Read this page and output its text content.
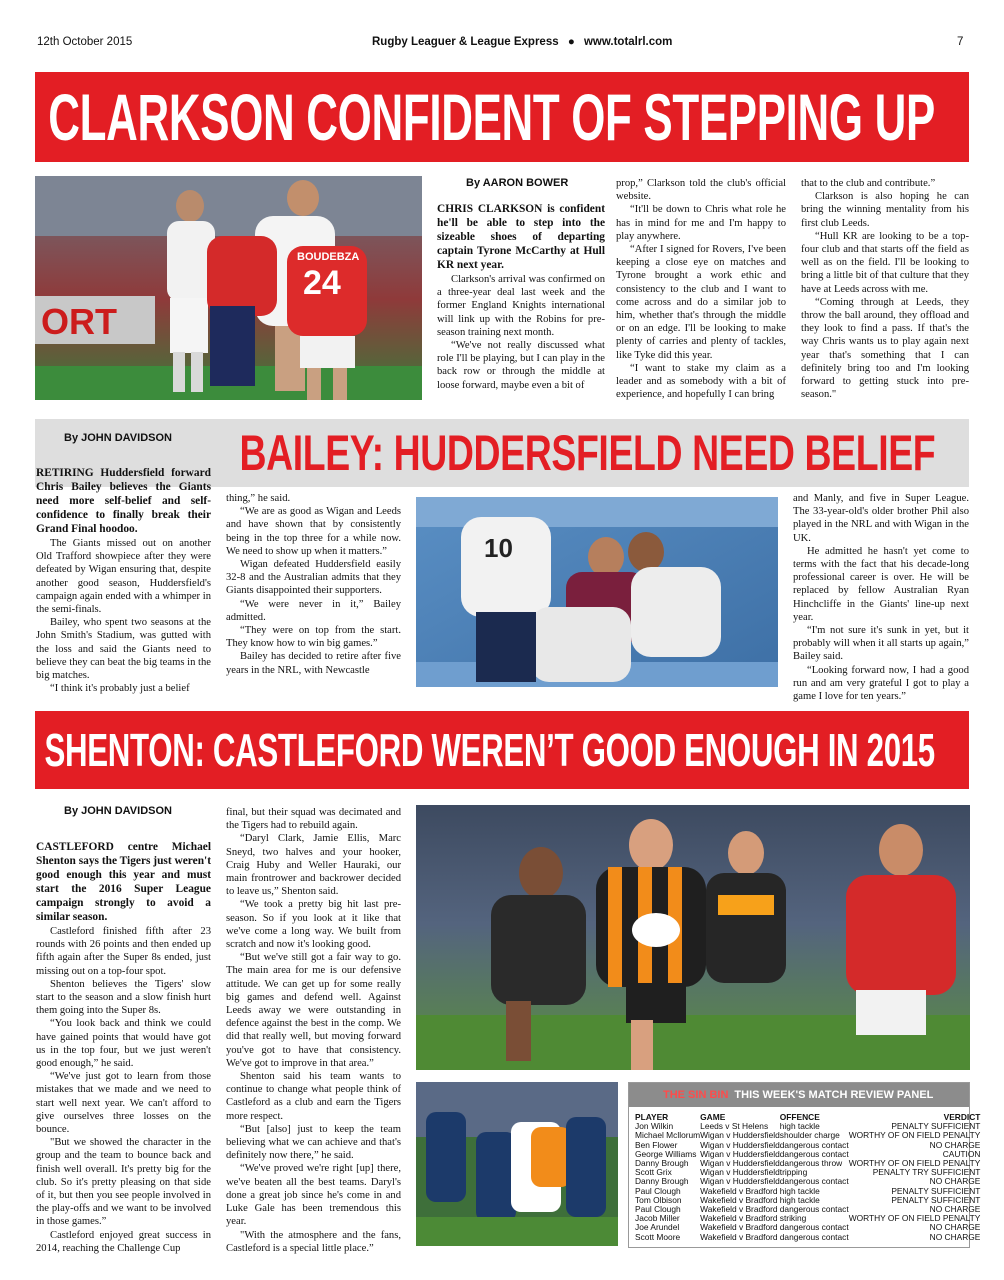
12th October 2015	Rugby Leaguer & League Express ● www.totalrl.com	7
CLARKSON CONFIDENT OF STEPPING UP
ORT
24
BOUDEBZA
By AARON BOWER

CHRIS CLARKSON is confident he'll be able to step into the sizeable shoes of departing captain Tyrone McCarthy at Hull KR next year.

Clarkson's arrival was confirmed on a three-year deal last week and the former England Knights international will link up with the Robins for pre-season training next month.

“We've not really discussed what role I'll be playing, but I can play in the back row or through the middle at loose forward, maybe even a bit of

prop,” Clarkson told the club's official website.

“It'll be down to Chris what role he has in mind for me and I'm happy to play anywhere.

“After I signed for Rovers, I've been keeping a close eye on matches and Tyrone brought a work ethic and consistency to the club and I want to come across and do a similar job to him, whether that's through the middle or on an edge. I'll be looking to make plenty of carries and plenty of tackles, like Tyke did this year.

“I want to stake my claim as a leader and as somebody with a bit of experience, and hopefully I can bring

that to the club and contribute.”

Clarkson is also hoping he can bring the winning mentality from his first club Leeds.

“Hull KR are looking to be a top-four club and that starts off the field as well as on the field. I'll be looking to bring a little bit of that culture that they have at Leeds across with me.

“Coming through at Leeds, they throw the ball around, they offload and they look to find a pass. If that's the way Chris wants us to play again next year that's something that I can definitely bring too and I'm looking forward to getting stuck into pre-season."

By JOHN DAVIDSON BAILEY: HUDDERSFIELD NEED BELIEF

RETIRING Huddersfield forward Chris Bailey believes the Giants need more self-belief and self-confidence to finally break their Grand Final hoodoo.

The Giants missed out on another Old Trafford showpiece after they were defeated by Wigan ensuring that, despite another good season, Huddersfield's campaign again ended with a whimper in the semi-finals.

Bailey, who spent two seasons at the John Smith's Stadium, was gutted with the loss and said the Giants need to believe they can beat the big teams in the big matches.

“I think it's probably just a belief

thing,” he said.

“We are as good as Wigan and Leeds and have shown that by consistently being in the top three for a while now. We need to show up when it matters.”

Wigan defeated Huddersfield easily 32-8 and the Australian admits that they Giants disappointed their supporters.

“We were never in it,” Bailey admitted.

“They were on top from the start. They know how to win big games.”

Bailey has decided to retire after five years in the NRL, with Newcastle

10

and Manly, and five in Super League. The 33-year-old's older brother Phil also played in the NRL and with Wigan in the UK.

He admitted he hasn't yet come to terms with the fact that his decade-long professional career is over. He will be replaced by fellow Australian Ryan Hinchcliffe in the Giants' line-up next year.

“I'm not sure it's sunk in yet, but it probably will when it all starts up again,” Bailey said.

“Looking forward now, I had a good run and am very grateful I got to play a game I love for ten years.”

SHENTON: CASTLEFORD WEREN’T GOOD ENOUGH IN 2015
By JOHN DAVIDSON

CASTLEFORD centre Michael Shenton says the Tigers just weren't good enough this year and must start the 2016 Super League campaign strongly to avoid a similar season.

Castleford finished fifth after 23 rounds with 26 points and then ended up fifth again after the Super 8s ended, just missing out on a top-four spot.

Shenton believes the Tigers' slow start to the season and a slow finish hurt them going into the Super 8s.

“You look back and think we could have gained points that would have got us in the top four, but we just weren't good enough,” he said.

“We've just got to learn from those mistakes that we made and we need to start well next year. We can't afford to give ourselves three losses on the bounce.

"But we showed the character in the group and the team to bounce back and finish well overall. It's pretty big for the club. So it's pretty pleasing on that side of it, but then you see people involved in the play-offs and we want to be involved in those games.”

Castleford enjoyed great success in 2014, reaching the Challenge Cup

final, but their squad was decimated and the Tigers had to rebuild again.

“Daryl Clark, Jamie Ellis, Marc Sneyd, two halves and your hooker, Craig Huby and Weller Hauraki, our main frontrower and backrower decided to leave us,” Shenton said.

“We took a pretty big hit last pre-season. So if you look at it like that we've come a long way. We built from scratch and now it's looking good.

“But we've still got a fair way to go. The main area for me is our defensive attitude. We can get up for some really big games and defend well. Against Leeds away we were outstanding in defence against the best in the comp. We did that really well, but moving forward you've got to have that consistency. We've got to improve in that area.”

Shenton said his team wants to continue to change what people think of Castleford as a club and earn the Tigers more respect.

“But [also] just to keep the team believing what we can achieve and that's definitely now there,” he said.

“We've proved we're right [up] there, we've beaten all the best teams. Daryl's done a great job since he's come in and Luke Gale has been tremendous this year.

"With the atmosphere and the fans, Castleford is a special little place.”

THE SIN BIN THIS WEEK'S MATCH REVIEW PANEL
PLAYER	GAME	OFFENCE	VERDICT
Jon Wilkin	Leeds v St Helens	high tackle	PENALTY SUFFICIENT
Michael Mcllorum	Wigan v Huddersfield	shoulder charge	WORTHY OF ON FIELD PENALTY
Ben Flower	Wigan v Huddersfield	dangerous contact	NO CHARGE
George Williams	Wigan v Huddersfield	dangerous contact	CAUTION
Danny Brough	Wigan v Huddersfield	dangerous throw	WORTHY OF ON FIELD PENALTY
Scott Grix	Wigan v Huddersfield	tripping	PENALTY TRY SUFFICIENT
Danny Brough	Wigan v Huddersfield	dangerous contact	NO CHARGE
Paul Clough	Wakefield v Bradford	high tackle	PENALTY SUFFICIENT
Tom Olbison	Wakefield v Bradford	high tackle	PENALTY SUFFICIENT
Paul Clough	Wakefield v Bradford	dangerous contact	NO CHARGE
Jacob Miller	Wakefield v Bradford	striking	WORTHY OF ON FIELD PENALTY
Joe Arundel	Wakefield v Bradford	dangerous contact	NO CHARGE
Scott Moore	Wakefield v Bradford	dangerous contact	NO CHARGE
